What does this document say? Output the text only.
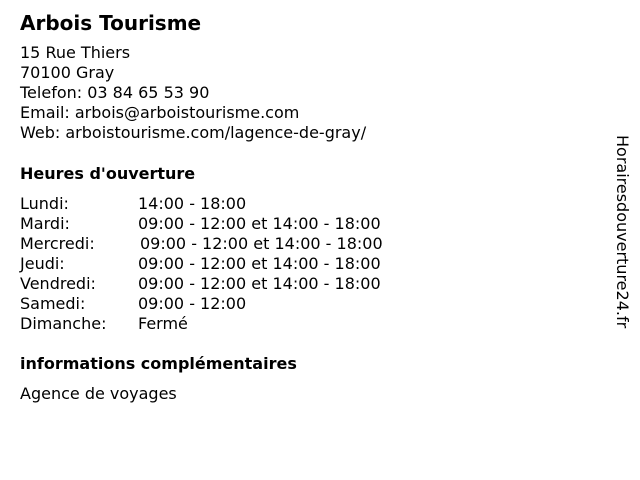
Arbois Tourisme
15 Rue Thiers
70100 Gray
Telefon: 03 84 65 53 90
Email: arbois@arboistourisme.com
Web: arboistourisme.com/lagence-de-gray/
Heures d'ouverture
Lundi:	14:00 - 18:00
Mardi:	09:00 - 12:00 et 14:00 - 18:00
Mercredi:	09:00 - 12:00 et 14:00 - 18:00
Jeudi:	09:00 - 12:00 et 14:00 - 18:00
Vendredi:	09:00 - 12:00 et 14:00 - 18:00
Samedi:	09:00 - 12:00
Dimanche: Fermé
informations complémentaires
Agence de voyages
Horairesdouverture24.fr
